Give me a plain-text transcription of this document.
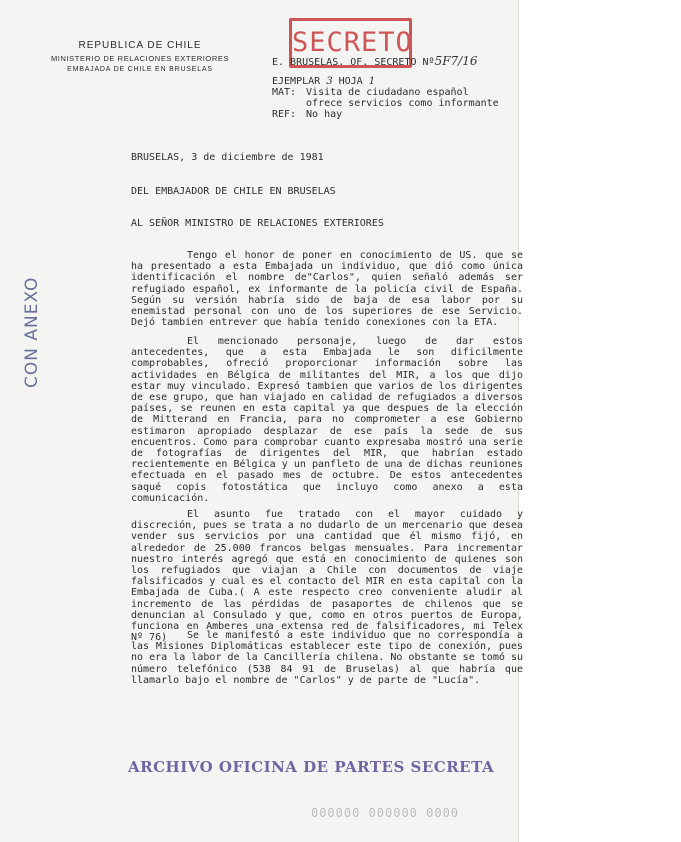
REPUBLICA DE CHILE
MINISTERIO DE RELACIONES EXTERIORES
EMBAJADA DE CHILE EN BRUSELAS
SECRETO
E. BRUSELAS. OF. SECRETO Nº5F7/16
EJEMPLAR
3
HOJA
1
MAT:
Visita de ciudadano español

ofrece servicios como informante
REF:
No hay
CON ANEXO

BRUSELAS, 3 de diciembre de 1981

DEL EMBAJADOR DE CHILE EN BRUSELAS

AL SEÑOR MINISTRO DE RELACIONES EXTERIORES

Tengo el honor de poner en conocimiento de US. que se ha presentado a esta Embajada un individuo, que dió como única identificación el nombre de"Carlos", quien señaló además ser refugiado español, ex informante de la policía civil de España. Según su versión habría sido de baja de esa labor por su enemistad personal con uno de los superiores de ese Servicio. Dejó tambien entrever que había tenido conexiones con la ETA.

El mencionado personaje, luego de dar estos antecedentes, que a esta Embajada le son dificilmente comprobables, ofreció proporcionar información sobre las actividades en Bélgica de militantes del MIR, a los que dijo estar muy vinculado. Expresó tambien que varios de los dirigentes de ese grupo, que han viajado en calidad de refugiados a diversos países, se reunen en esta capital ya que despues de la elección de Mitterand en Francia, para no comprometer a ese Gobierno estimaron apropiado desplazar de ese país la sede de sus encuentros. Como para comprobar cuanto expresaba mostró una serie de fotografías de dirigentes del MIR, que habrían estado recientemente en Bélgica y un panfleto de una de dichas reuniones efectuada en el pasado mes de octubre. De estos antecedentes saqué copis fotostática que incluyo como anexo a esta comunicación.

El asunto fue tratado con el mayor cuidado y discreción, pues se trata a no dudarlo de un mercenario que desea vender sus servicios por una cantidad que él mismo fijó, en alrededor de 25.000 francos belgas mensuales. Para incrementar nuestro interés agregó que está en conocimiento de quienes son los refugiados que viajan a Chile con documentos de viaje falsificados y cual es el contacto del MIR en esta capital con la Embajada de Cuba.( A este respecto creo conveniente aludir al incremento de las pérdidas de pasaportes de chilenos que se denuncian al Consulado y que, como en otros puertos de Europa, funciona en Amberes una extensa red de falsificadores, mi Telex Nº 76)	Se le manifestó a este individuo que no correspondía a las Misiones Diplomáticas establecer este tipo de conexión, pues no era la labor de la Cancillería chilena. No obstante se tomó su número telefónico (538 84 91 de Bruselas) al que habría que llamarlo bajo el nombre de "Carlos" y de parte de "Lucía".

ARCHIVO OFICINA DE PARTES SECRETA
0000 000000 000000
